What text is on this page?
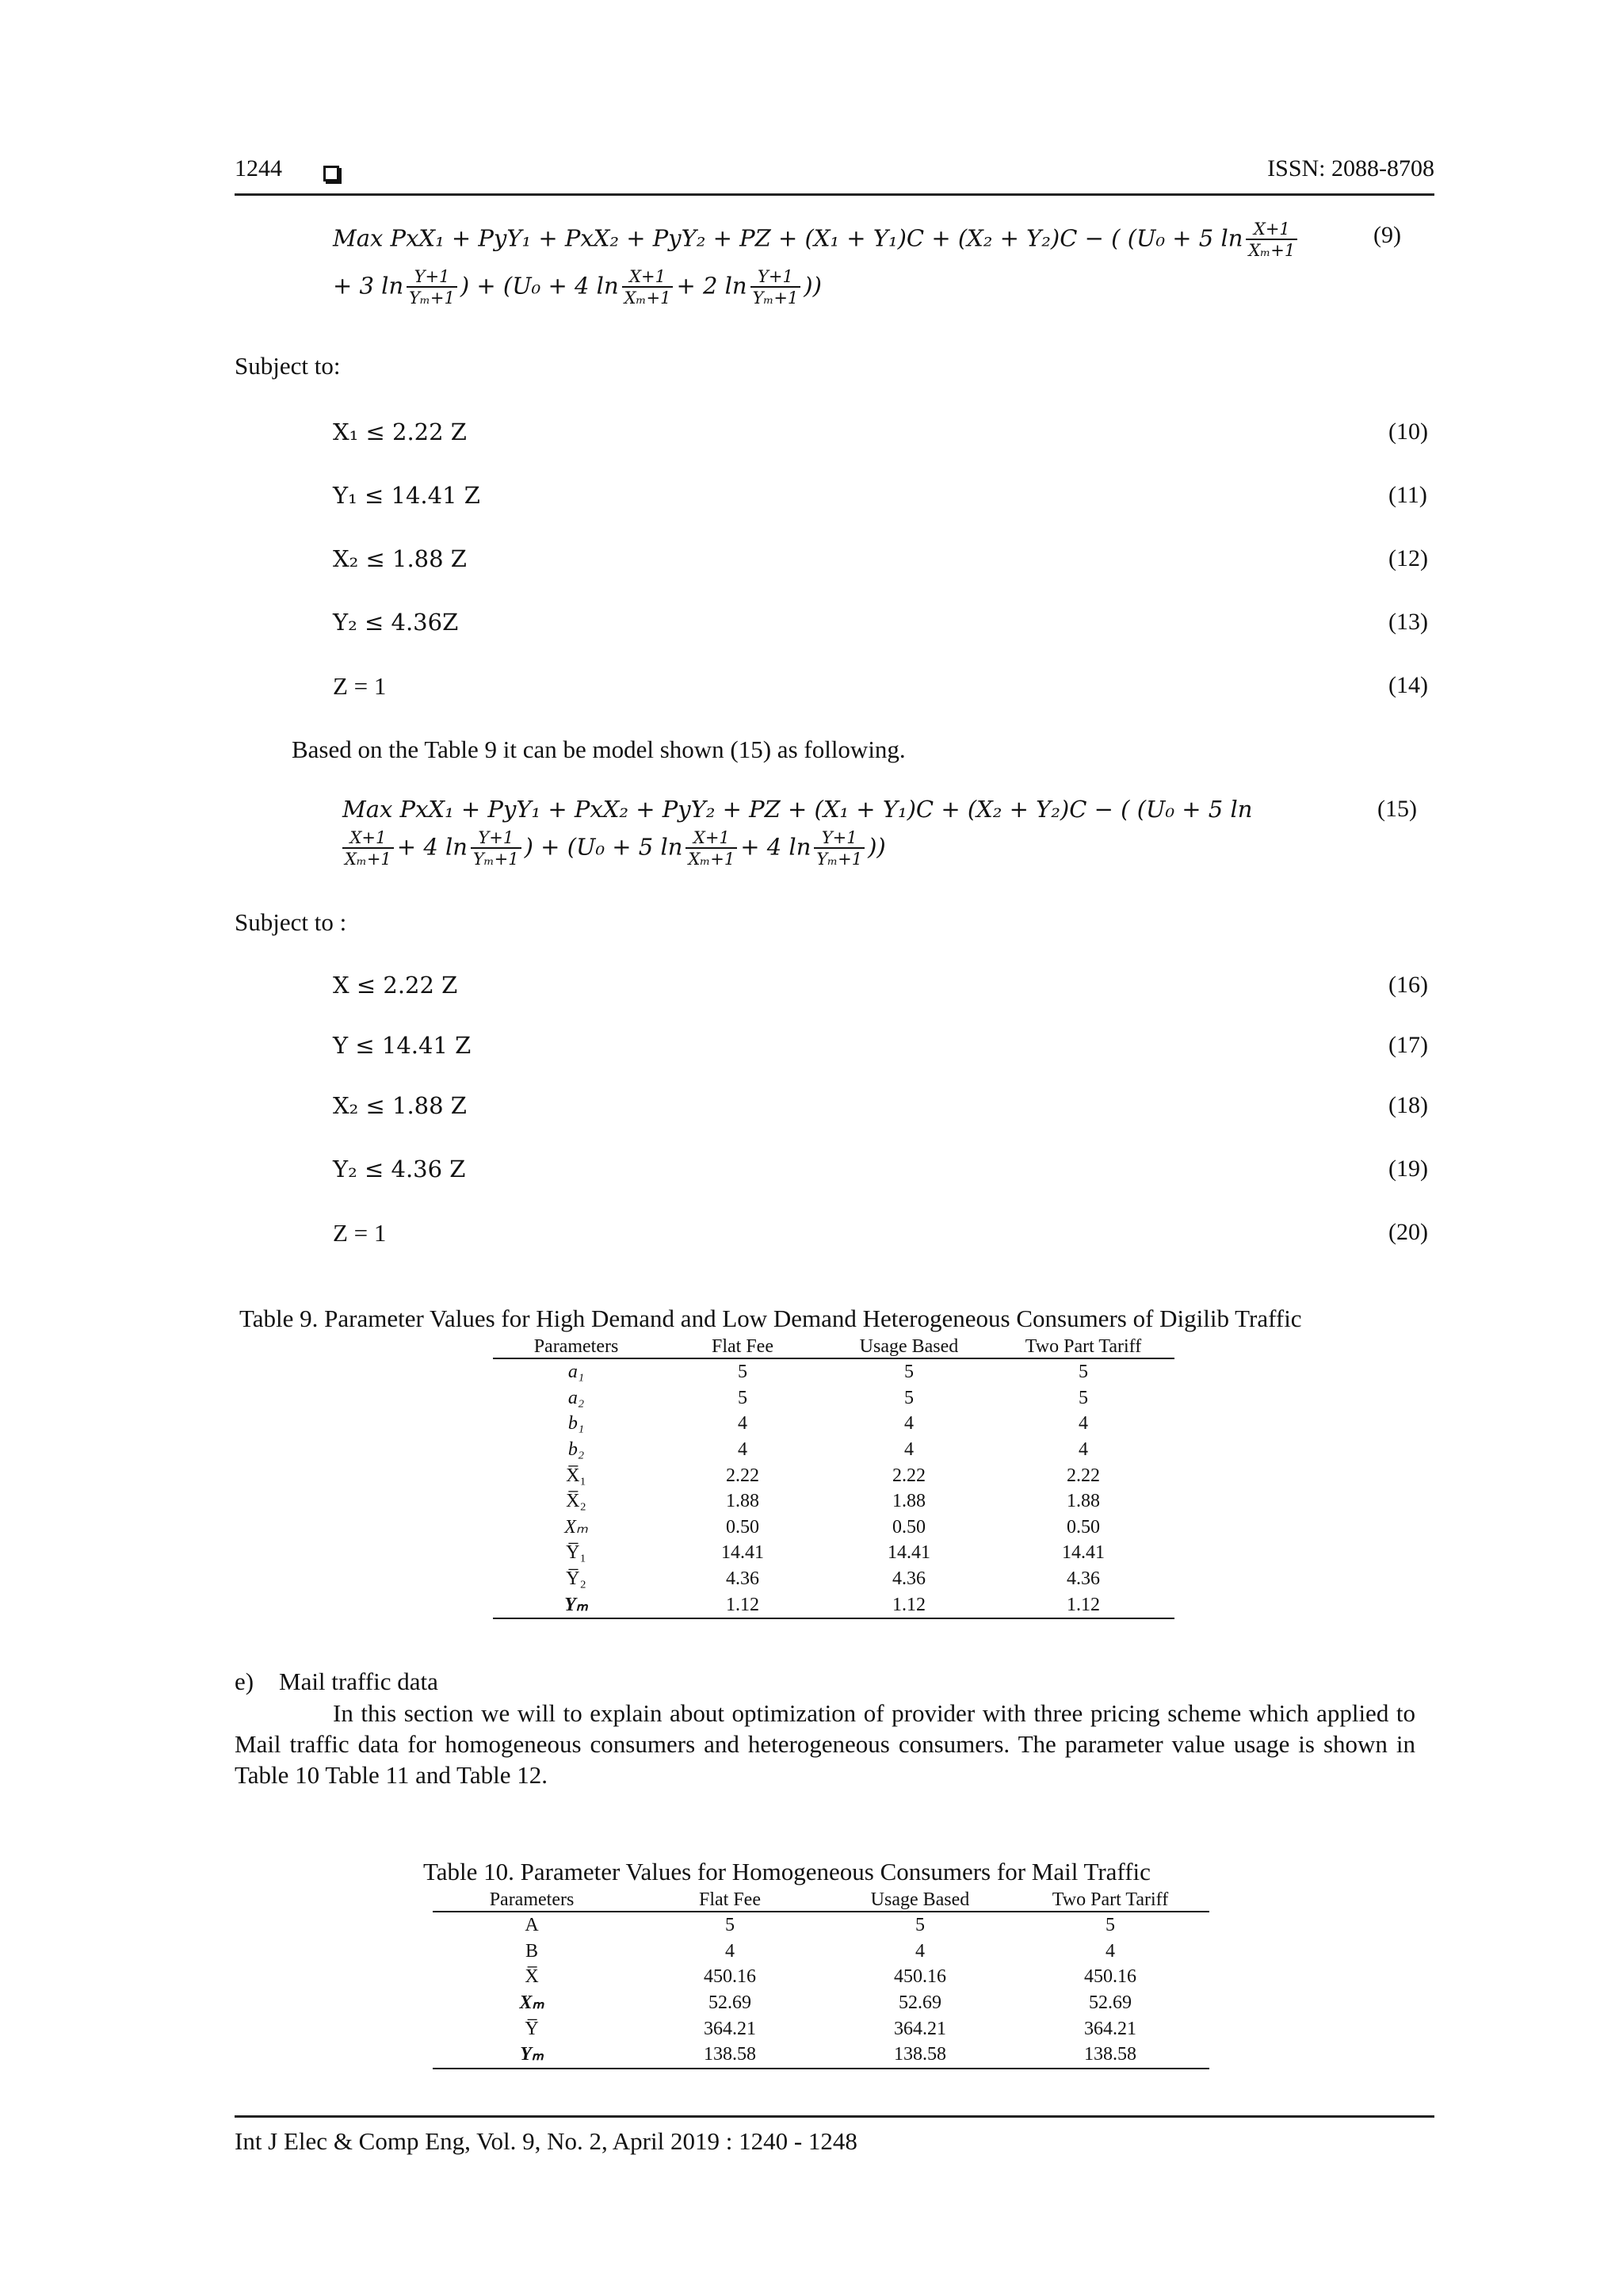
1244	ISSN: 2088-8708
Max PxX₁ + PyY₁ + PxX₂ + PyY₂ + PZ + (X₁ + Y₁)C + (X₂ + Y₂)C − ( (U₀ + 5 $\ln \frac{X+1}{\text{Xₘ+1}}$	(9)
+ 3 $\ln \frac{Y+1}{\text{Yₘ+1}}$ ) + (U₀ + 4 $\ln \frac{X+1}{\text{Xₘ+1}} + 2$ $\ln \frac{Y+1}{\text{Yₘ+1}}$ ))
Subject to:
X₁ ≤ 2.22 Z	(10)
Y₁ ≤ 14.41 Z	(11)
X₂ ≤ 1.88 Z	(12)
Y₂ ≤ 4.36Z	(13)
Z = 1	(14)
Based on the Table 9 it can be model shown (15) as following.
Max PxX₁ + PyY₁ + PxX₂ + PyY₂ + PZ + (X₁ + Y₁)C + (X₂ + Y₂)C − ( (U₀ + 5 ln	(15)
$\frac{X+1}{\text{Xₘ+1}} + 4$ $\ln \frac{Y+1}{\text{Yₘ+1}}$ ) + (U₀ + 5 $\ln \frac{X+1}{\text{Xₘ+1}} + 4$ $\ln \frac{Y+1}{\text{Yₘ+1}}$ ))
Subject to :
X ≤ 2.22 Z	(16)
Y ≤ 14.41 Z	(17)
X₂ ≤ 1.88 Z	(18)
Y₂ ≤ 4.36 Z	(19)
Z = 1	(20)
Table 9. Parameter Values for High Demand and Low Demand Heterogeneous Consumers of Digilib Traffic
Parameters	Flat Fee	Usage Based	Two Part Tariff
a₁	5	5	5
a₂	5	5	5
b₁	4	4	4
b₂	4	4	4
X̅₁	2.22	2.22	2.22
X̅₂	1.88	1.88	1.88
Xₘ	0.50	0.50	0.50
Y̅₁	14.41	14.41	14.41
Y̅₂	4.36	4.36	4.36
Yₘ	1.12	1.12	1.12
e) Mail traffic data
In this section we will to explain about optimization of provider with three pricing scheme which applied to Mail traffic data for homogeneous consumers and heterogeneous consumers. The parameter value usage is shown in Table 10 Table 11 and Table 12.
Table 10. Parameter Values for Homogeneous Consumers for Mail Traffic
Parameters	Flat Fee	Usage Based	Two Part Tariff
A	5	5	5
B	4	4	4
X̅	450.16	450.16	450.16
Xₘ	52.69	52.69	52.69
Y̅	364.21	364.21	364.21
Yₘ	138.58	138.58	138.58
Int J Elec & Comp Eng, Vol. 9, No. 2, April 2019 : 1240 - 1248
